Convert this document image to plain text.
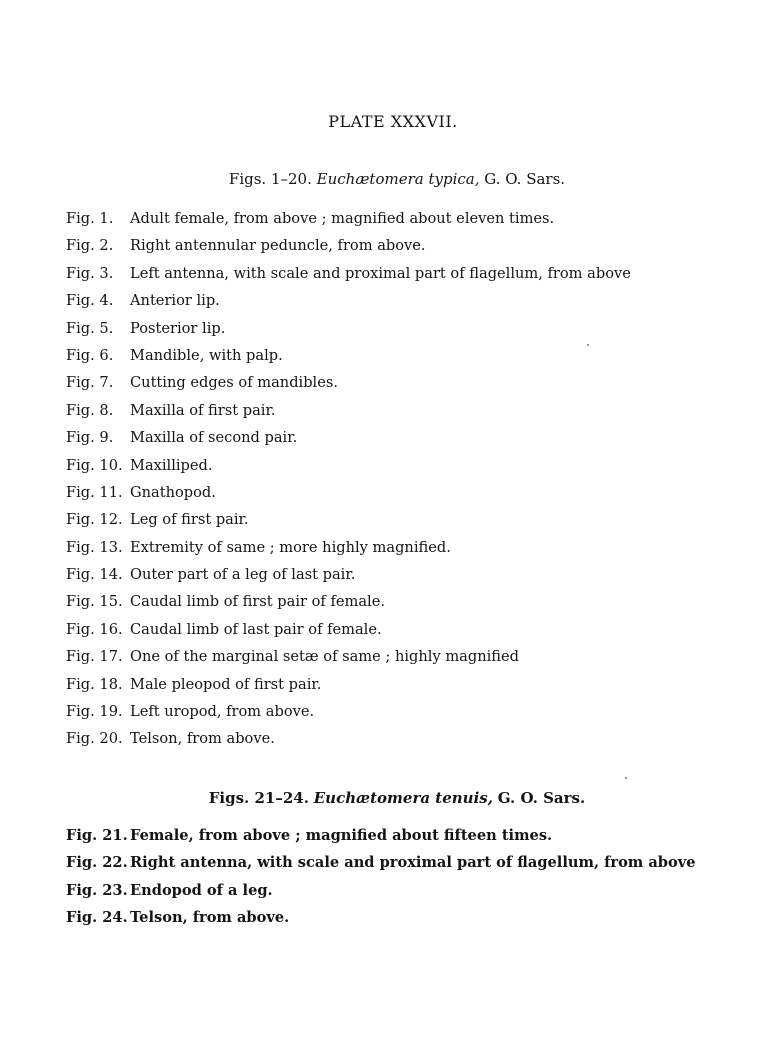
PLATE XXXVII.
Figs. 1–20. Euchætomera typica, G. O. Sars.
Fig. 1.	Adult female, from above ; magnified about eleven times.
Fig. 2.	Right antennular peduncle, from above.
Fig. 3.	Left antenna, with scale and proximal part of flagellum, from above
Fig. 4.	Anterior lip.
Fig. 5.	Posterior lip.
Fig. 6.	Mandible, with palp.
Fig. 7.	Cutting edges of mandibles.
Fig. 8.	Maxilla of first pair.
Fig. 9.	Maxilla of second pair.
Fig. 10. Maxilliped.
Fig. 11. Gnathopod.
Fig. 12. Leg of first pair.
Fig. 13. Extremity of same ; more highly magnified.
Fig. 14. Outer part of a leg of last pair.
Fig. 15. Caudal limb of first pair of female.
Fig. 16. Caudal limb of last pair of female.
Fig. 17. One of the marginal setæ of same ; highly magnified
Fig. 18. Male pleopod of first pair.
Fig. 19. Left uropod, from above.
Fig. 20. Telson, from above.
Figs. 21–24. Euchætomera tenuis, G. O. Sars.
Fig. 21. Female, from above ; magnified about fifteen times.
Fig. 22. Right antenna, with scale and proximal part of flagellum, from above
Fig. 23. Endopod of a leg.
Fig. 24. Telson, from above.
